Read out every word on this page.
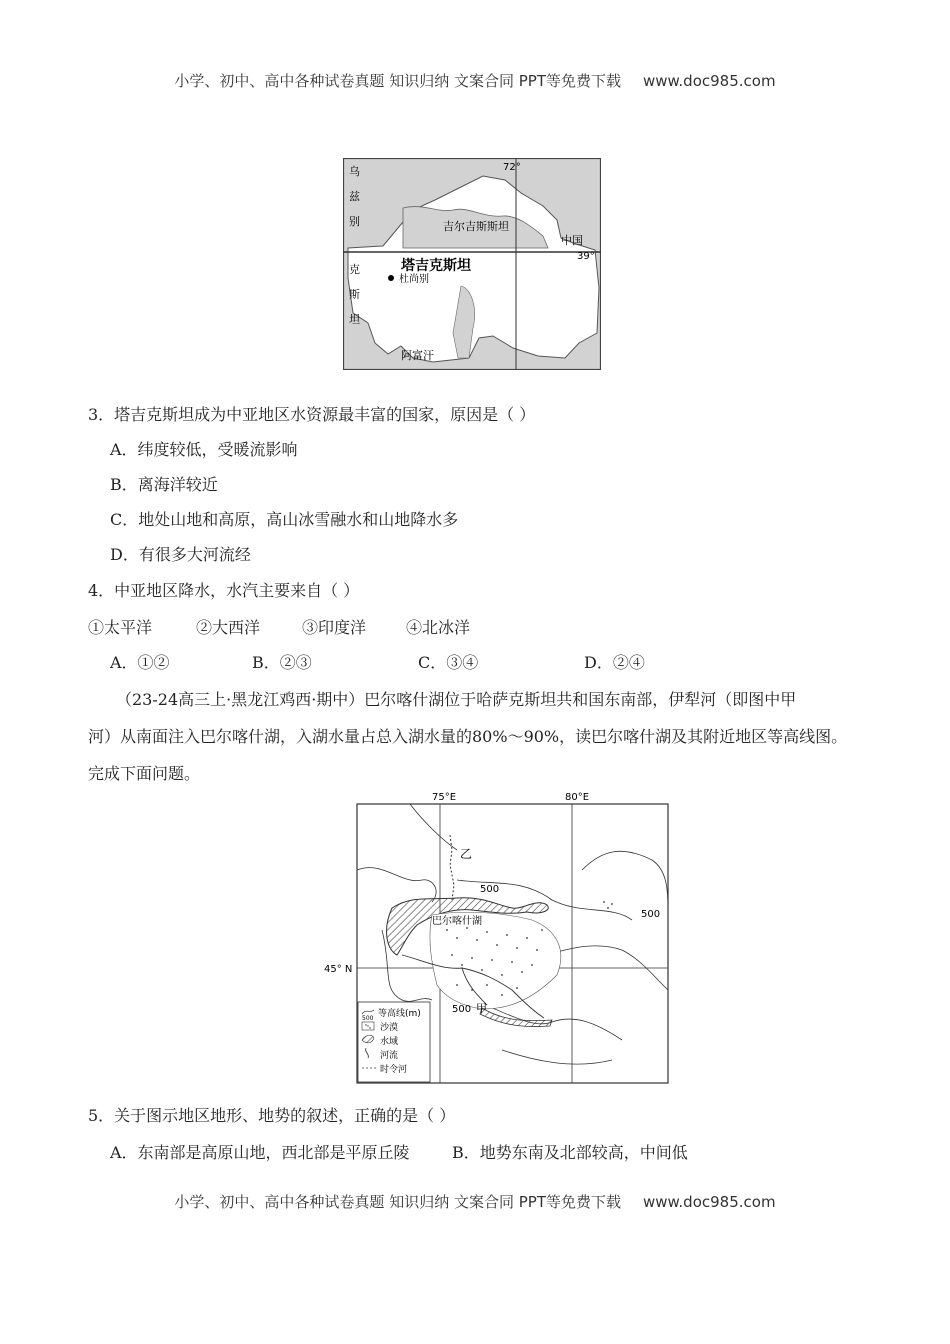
小学、初中、高中各种试卷真题 知识归纳 文案合同 PPT等免费下载 www.doc985.com
72°
39°
乌
兹
别
克
斯
坦
吉尔吉斯斯坦
中国
塔吉克斯坦
杜尚别
阿富汗
3．塔吉克斯坦成为中亚地区水资源最丰富的国家，原因是（ ）
A．纬度较低，受暖流影响
B．离海洋较近
C．地处山地和高原，高山冰雪融水和山地降水多
D．有很多大河流经
4．中亚地区降水，水汽主要来自（ ）
①太平洋	②大西洋	③印度洋 ④北冰洋
A．①②	B．②③	C．③④	D．②④
（23-24高三上·黑龙江鸡西·期中）巴尔喀什湖位于哈萨克斯坦共和国东南部，伊犁河（即图中甲
河）从南面注入巴尔喀什湖，入湖水量占总入湖水量的80%～90%，读巴尔喀什湖及其附近地区等高线图。
完成下面问题。
75°E	80°E
45° N
巴尔喀什湖
乙
500
500
500 甲
500 等高线(m)
沙漠
水域
河流
时令河
5．关于图示地区地形、地势的叙述，正确的是（ ）
A．东南部是高原山地，西北部是平原丘陵	B．地势东南及北部较高，中间低
小学、初中、高中各种试卷真题 知识归纳 文案合同 PPT等免费下载 www.doc985.com
